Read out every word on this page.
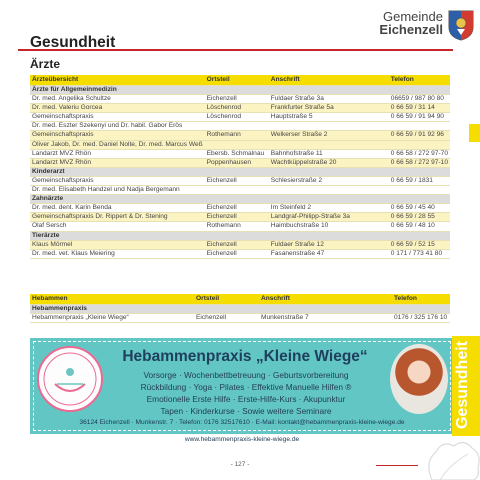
Gemeinde
Eichenzell
Gesundheit
Ärzte
Ärzteübersicht	Ortsteil	Anschrift	Telefon
Ärzte für Allgemeinmedizin			
Dr. med. Angelika Schultze	Eichenzell	Fuldaer Straße 3a	06659 / 987 80 80
Dr. med. Valeriu Gorcea	Löschenrod	Frankfurter Straße 5a	0 66 59 / 31 14
Gemeinschaftspraxis	Löschenrod	Hauptstraße 5	0 66 59 / 91 94 90
Dr. med. Eszter Szekenyi und Dr. habil. Gabor Erös			
Gemeinschaftspraxis	Rothemann	Welkerser Straße 2	0 66 59 / 91 92 96
Oliver Jakob, Dr. med. Daniel Nolte, Dr. med. Marcus Weß			
Landarzt MVZ Rhön	Ebersb. Schmalnau	Bahnhofstraße 11	0 66 58 / 272 97-70
Landarzt MVZ Rhön	Poppenhausen	Wachtküppelstraße 20	0 66 58 / 272 97-10
Kinderarzt			
Gemeinschaftspraxis	Eichenzell	Schlesierstraße 2	0 66 59 / 1831
Dr. med. Elisabeth Handzel und Nadja Bergemann			
Zahnärzte			
Dr. med. dent. Karin Benda	Eichenzell	Im Steinfeld 2	0 66 59 / 45 40
Gemeinschaftspraxis Dr. Rippert & Dr. Stening	Eichenzell	Landgraf-Philipp-Straße 3a	0 66 59 / 28 55
Olaf Sersch	Rothemann	Haimbuchstraße 10	0 66 59 / 48 10
Tierärzte			
Klaus Mörmel	Eichenzell	Fuldaer Straße 12	0 66 59 / 52 15
Dr. med. vet. Klaus Meiering	Eichenzell	Fasanenstraße 47	0 171 / 773 41 80
Hebammen	Ortsteil	Anschrift	Telefon
Hebammenpraxis			
Hebammenpraxis „Kleine Wiege“	Eichenzell	Munkenstraße 7	0176 / 325 176 10
Hebammenpraxis „Kleine Wiege“
Vorsorge · Wochenbettbetreuung · Geburtsvorbereitung
Rückbildung · Yoga · Pilates · Effektive Manuelle Hilfen ®
Emotionelle Erste Hilfe · Erste-Hilfe-Kurs · Akupunktur
Tapen · Kinderkurse · Sowie weitere Seminare
36124 Eichenzell · Munkenstr. 7 · Telefon: 0176 32517610 · E-Mail: kontakt@hebammenpraxis-kleine-wiege.de
www.hebammenpraxis-kleine-wiege.de
Gesundheit
- 127 -
